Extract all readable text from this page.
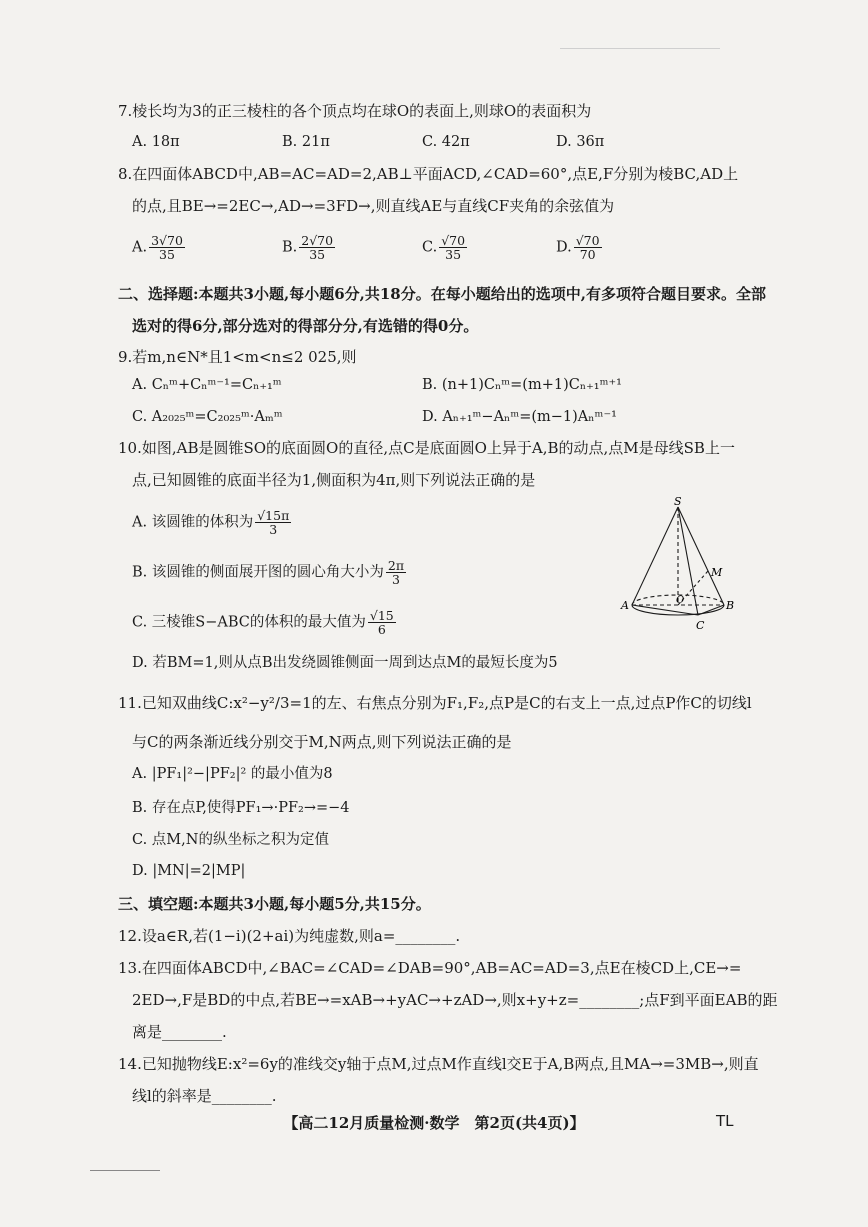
7.棱长均为3的正三棱柱的各个顶点均在球O的表面上,则球O的表面积为
A. 18π	B. 21π	C. 42π	D. 36π
8.在四面体ABCD中,AB=AC=AD=2,AB⊥平面ACD,∠CAD=60°,点E,F分别为棱BC,AD上
的点,且BE→=2EC→,AD→=3FD→,则直线AE与直线CF夹角的余弦值为
A. $\frac{3√70}{35}$	B. $\frac{2√70}{35}$	C. $\frac{√70}{35}$	D. $\frac{√70}{70}$
二、选择题:本题共3小题,每小题6分,共18分。在每小题给出的选项中,有多项符合题目要求。全部
选对的得6分,部分选对的得部分分,有选错的得0分。
9.若m,n∈N*且1<m<n≤2 025,则
A. Cₙᵐ+Cₙᵐ⁻¹=Cₙ₊₁ᵐ	B. (n+1)Cₙᵐ=(m+1)Cₙ₊₁ᵐ⁺¹
C. A₂₀₂₅ᵐ=C₂₀₂₅ᵐ·Aₘᵐ	D. Aₙ₊₁ᵐ−Aₙᵐ=(m−1)Aₙᵐ⁻¹
10.如图,AB是圆锥SO的底面圆O的直径,点C是底面圆O上异于A,B的动点,点M是母线SB上一
点,已知圆锥的底面半径为1,侧面积为4π,则下列说法正确的是
A. 该圆锥的体积为 $\frac{√15\pi}{3}$
B. 该圆锥的侧面展开图的圆心角大小为 $\frac{2\pi}{3}$
C. 三棱锥S−ABC的体积的最大值为 $\frac{√15}{6}$
D. 若BM=1,则从点B出发绕圆锥侧面一周到达点M的最短长度为5
S
M
A	O	B
C
11.已知双曲线C:x²−y²/3=1的左、右焦点分别为F₁,F₂,点P是C的右支上一点,过点P作C的切线l
与C的两条渐近线分别交于M,N两点,则下列说法正确的是
A. |PF₁|²−|PF₂|² 的最小值为8
B. 存在点P,使得PF₁→·PF₂→=−4
C. 点M,N的纵坐标之积为定值
D. |MN|=2|MP|
三、填空题:本题共3小题,每小题5分,共15分。
12.设a∈R,若(1−i)(2+ai)为纯虚数,则a=________.
13.在四面体ABCD中,∠BAC=∠CAD=∠DAB=90°,AB=AC=AD=3,点E在棱CD上,CE→=
2ED→,F是BD的中点,若BE→=xAB→+yAC→+zAD→,则x+y+z=________;点F到平面EAB的距
离是________.
14.已知抛物线E:x²=6y的准线交y轴于点M,过点M作直线l交E于A,B两点,且MA→=3MB→,则直
线l的斜率是________.
【高二12月质量检测·数学　第2页(共4页)】	TL
